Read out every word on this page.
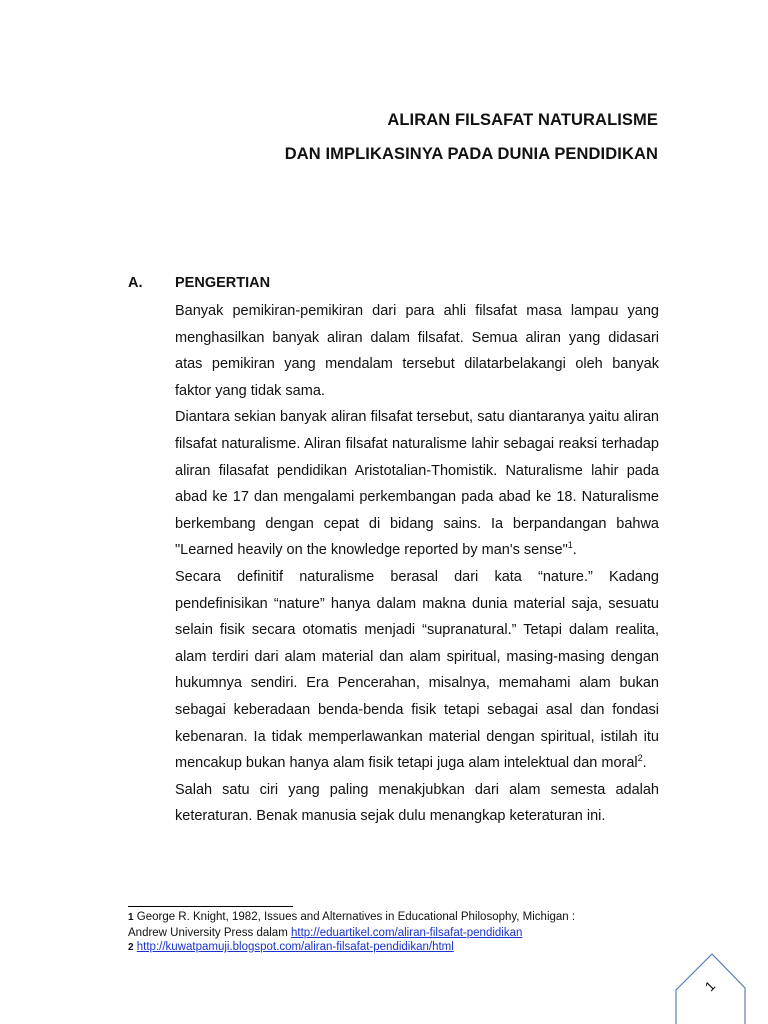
ALIRAN FILSAFAT NATURALISME
DAN IMPLIKASINYA PADA DUNIA PENDIDIKAN
A. PENGERTIAN

Banyak pemikiran-pemikiran dari para ahli filsafat masa lampau yang menghasilkan banyak aliran dalam filsafat. Semua aliran yang didasari atas pemikiran yang mendalam tersebut dilatarbelakangi oleh banyak faktor yang tidak sama.

Diantara sekian banyak aliran filsafat tersebut, satu diantaranya yaitu aliran filsafat naturalisme. Aliran filsafat naturalisme lahir sebagai reaksi terhadap aliran filasafat pendidikan Aristotalian-Thomistik. Naturalisme lahir pada abad ke 17 dan mengalami perkembangan pada abad ke 18. Naturalisme berkembang dengan cepat di bidang sains. Ia berpandangan bahwa "Learned heavily on the knowledge reported by man's sense"$^1$.

Secara definitif naturalisme berasal dari kata “nature.” Kadang pendefinisikan “nature” hanya dalam makna dunia material saja, sesuatu selain fisik secara otomatis menjadi “supranatural.” Tetapi dalam realita, alam terdiri dari alam material dan alam spiritual, masing-masing dengan hukumnya sendiri. Era Pencerahan, misalnya, memahami alam bukan sebagai keberadaan benda-benda fisik tetapi sebagai asal dan fondasi kebenaran. Ia tidak memperlawankan material dengan spiritual, istilah itu mencakup bukan hanya alam fisik tetapi juga alam intelektual dan moral$^2$.

Salah satu ciri yang paling menakjubkan dari alam semesta adalah keteraturan. Benak manusia sejak dulu menangkap keteraturan ini.

1 George R. Knight, 1982, Issues and Alternatives in Educational Philosophy, Michigan :
Andrew University Press dalam http://eduartikel.com/aliran-filsafat-pendidikan
2 http://kuwatpamuji.blogspot.com/aliran-filsafat-pendidikan/html
1
